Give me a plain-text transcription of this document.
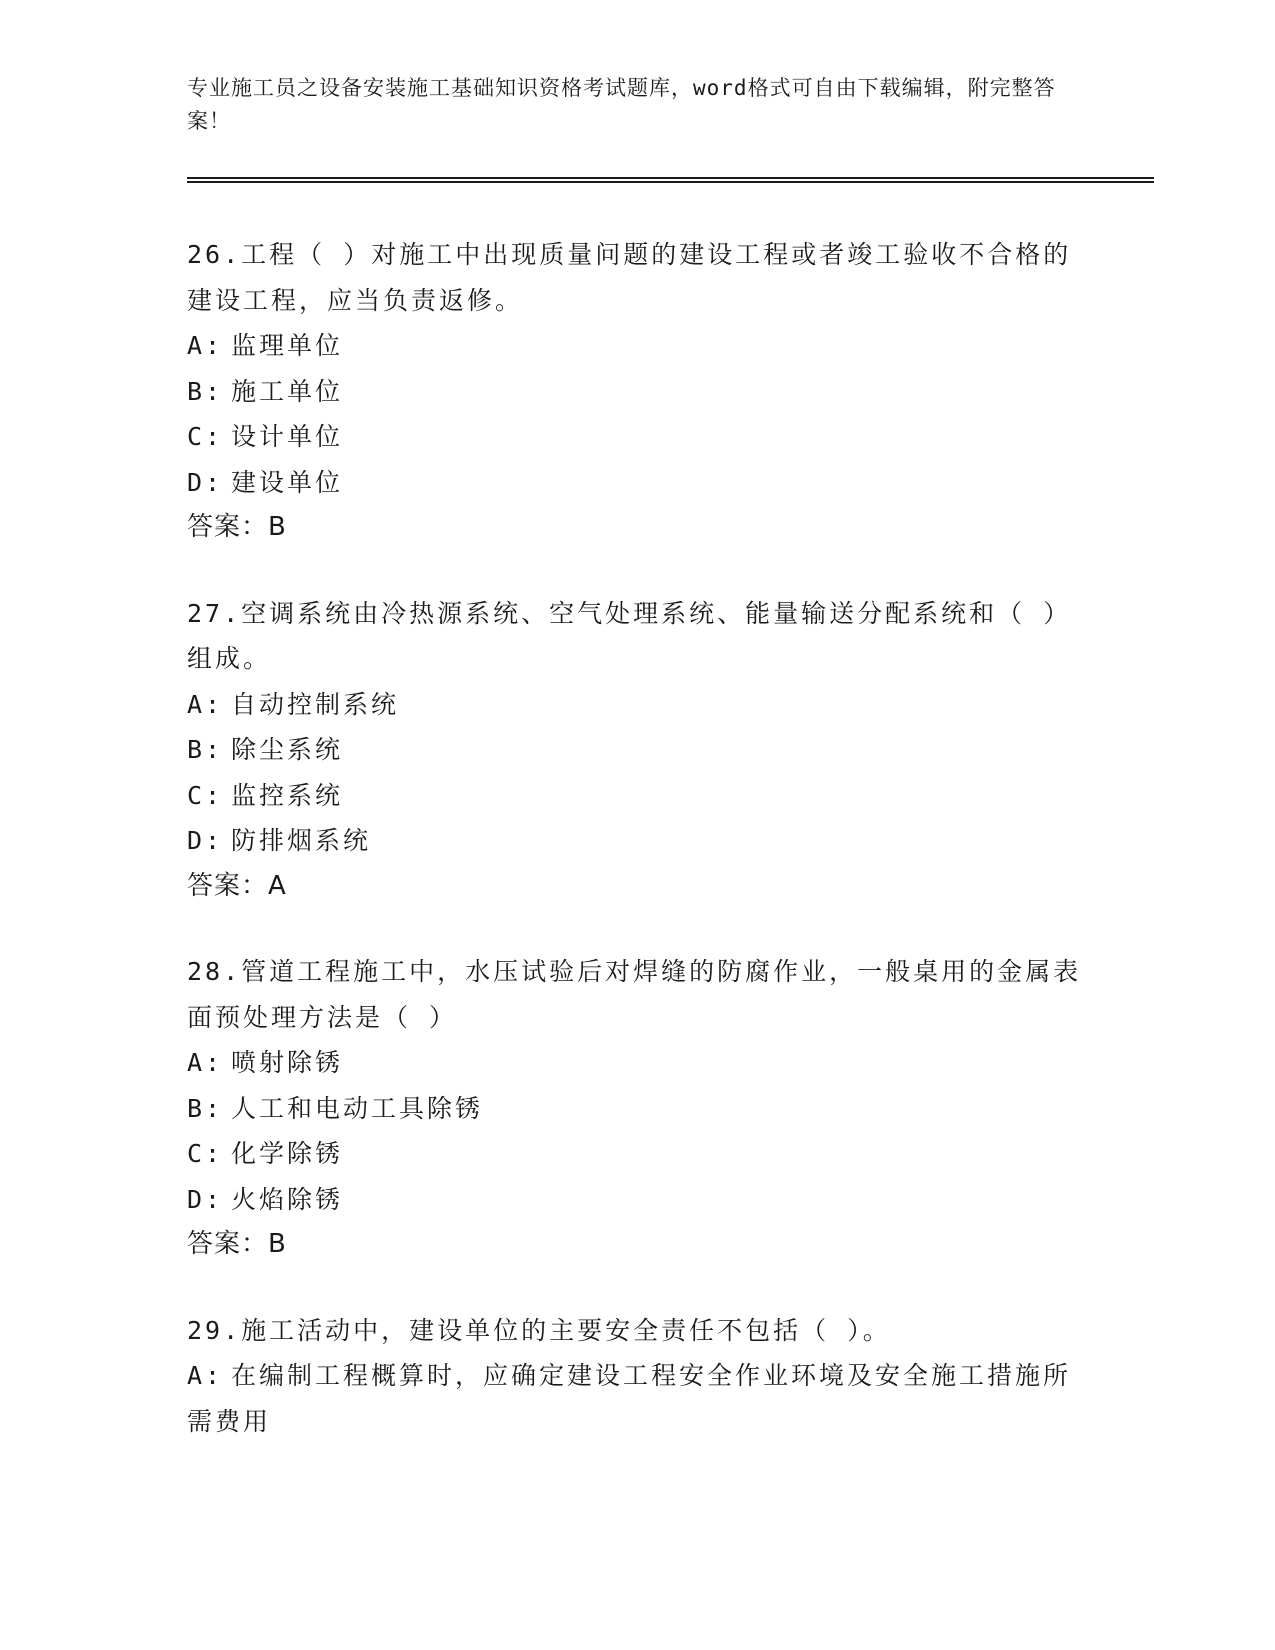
专业施工员之设备安装施工基础知识资格考试题库，word格式可自由下载编辑，附完整答案！

26.工程（ ）对施工中出现质量问题的建设工程或者竣工验收不合格的建设工程，应当负责返修。

A: 监理单位

B: 施工单位

C: 设计单位

D: 建设单位

答案：B

27.空调系统由冷热源系统、空气处理系统、能量输送分配系统和（ ）组成。

A: 自动控制系统

B: 除尘系统

C: 监控系统

D: 防排烟系统

答案：A

28.管道工程施工中，水压试验后对焊缝的防腐作业，一般桌用的金属表面预处理方法是（ ）

A: 喷射除锈

B: 人工和电动工具除锈

C: 化学除锈

D: 火焰除锈

答案：B

29.施工活动中，建设单位的主要安全责任不包括（ ）。

A: 在编制工程概算时，应确定建设工程安全作业环境及安全施工措施所需费用
